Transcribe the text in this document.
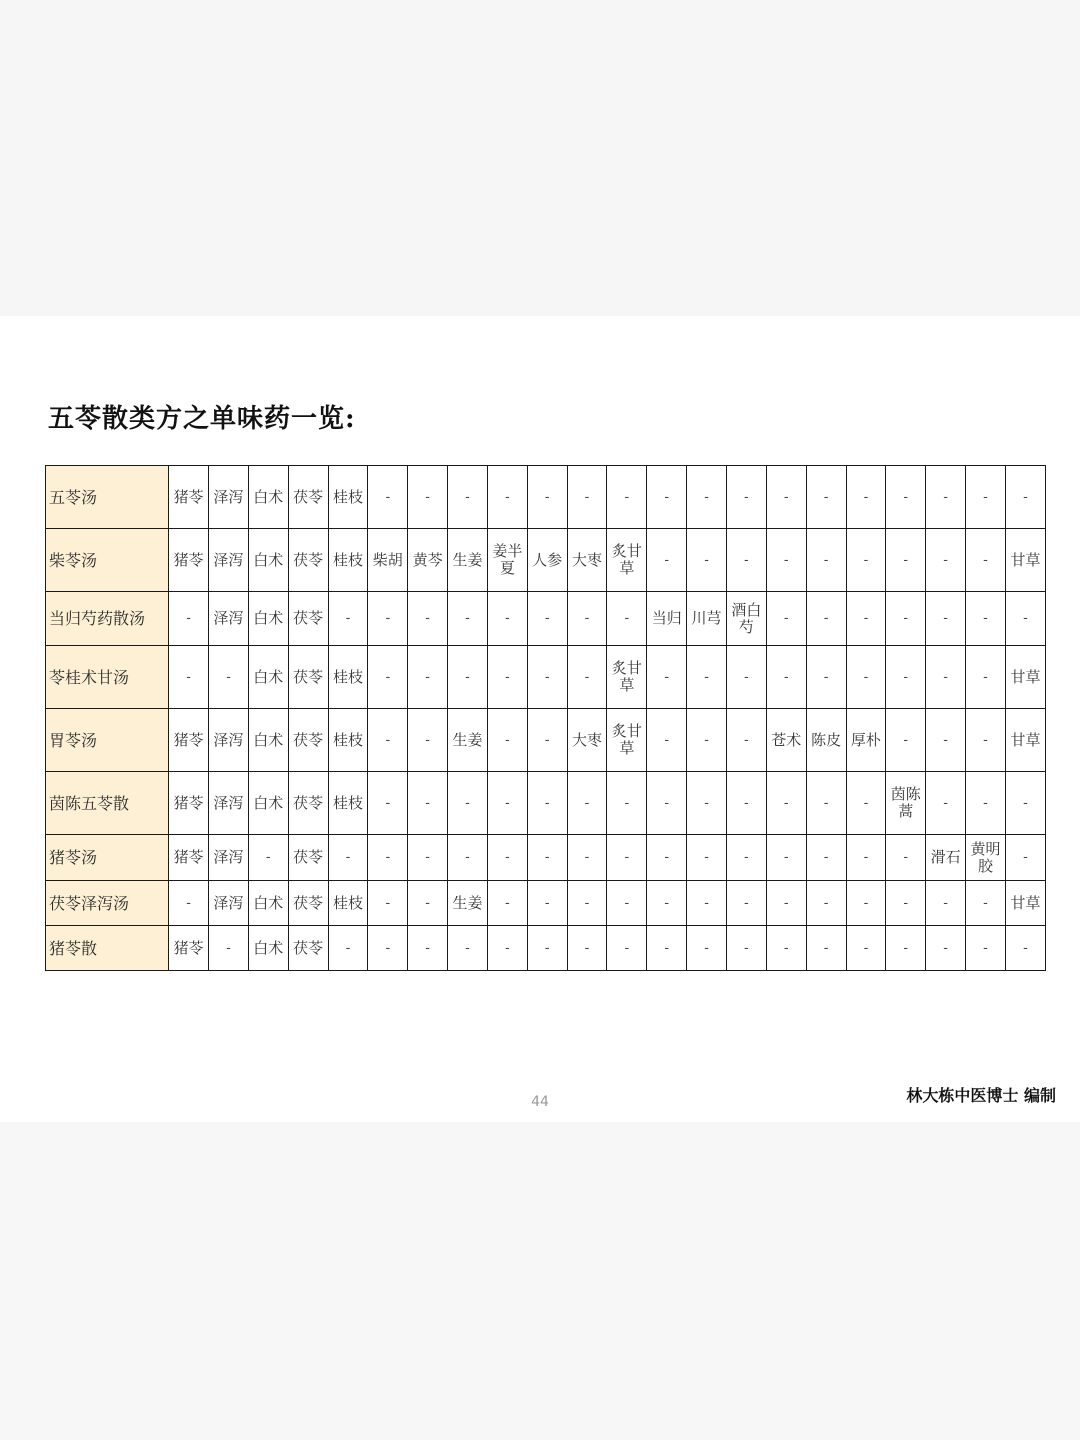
五苓散类方之单味药一览:
五苓汤	猪苓	泽泻	白术	茯苓	桂枝	-	-	-	-	-	-	-	-	-	-	-	-	-	-	-	-	-
柴苓汤	猪苓	泽泻	白术	茯苓	桂枝	柴胡	黄芩	生姜	姜半夏	人参	大枣	炙甘草	-	-	-	-	-	-	-	-	-	甘草
当归芍药散汤	-	泽泻	白术	茯苓	-	-	-	-	-	-	-	-	当归	川芎	酒白芍	-	-	-	-	-	-	-
苓桂术甘汤	-	-	白术	茯苓	桂枝	-	-	-	-	-	-	炙甘草	-	-	-	-	-	-	-	-	-	甘草
胃苓汤	猪苓	泽泻	白术	茯苓	桂枝	-	-	生姜	-	-	大枣	炙甘草	-	-	-	苍术	陈皮	厚朴	-	-	-	甘草
茵陈五苓散	猪苓	泽泻	白术	茯苓	桂枝	-	-	-	-	-	-	-	-	-	-	-	-	-	茵陈蒿	-	-	-
猪苓汤	猪苓	泽泻	-	茯苓	-	-	-	-	-	-	-	-	-	-	-	-	-	-	-	滑石	黄明胶	-
茯苓泽泻汤	-	泽泻	白术	茯苓	桂枝	-	-	生姜	-	-	-	-	-	-	-	-	-	-	-	-	-	甘草
猪苓散	猪苓	-	白术	茯苓	-	-	-	-	-	-	-	-	-	-	-	-	-	-	-	-	-	-
44	林大栋中医博士 编制
